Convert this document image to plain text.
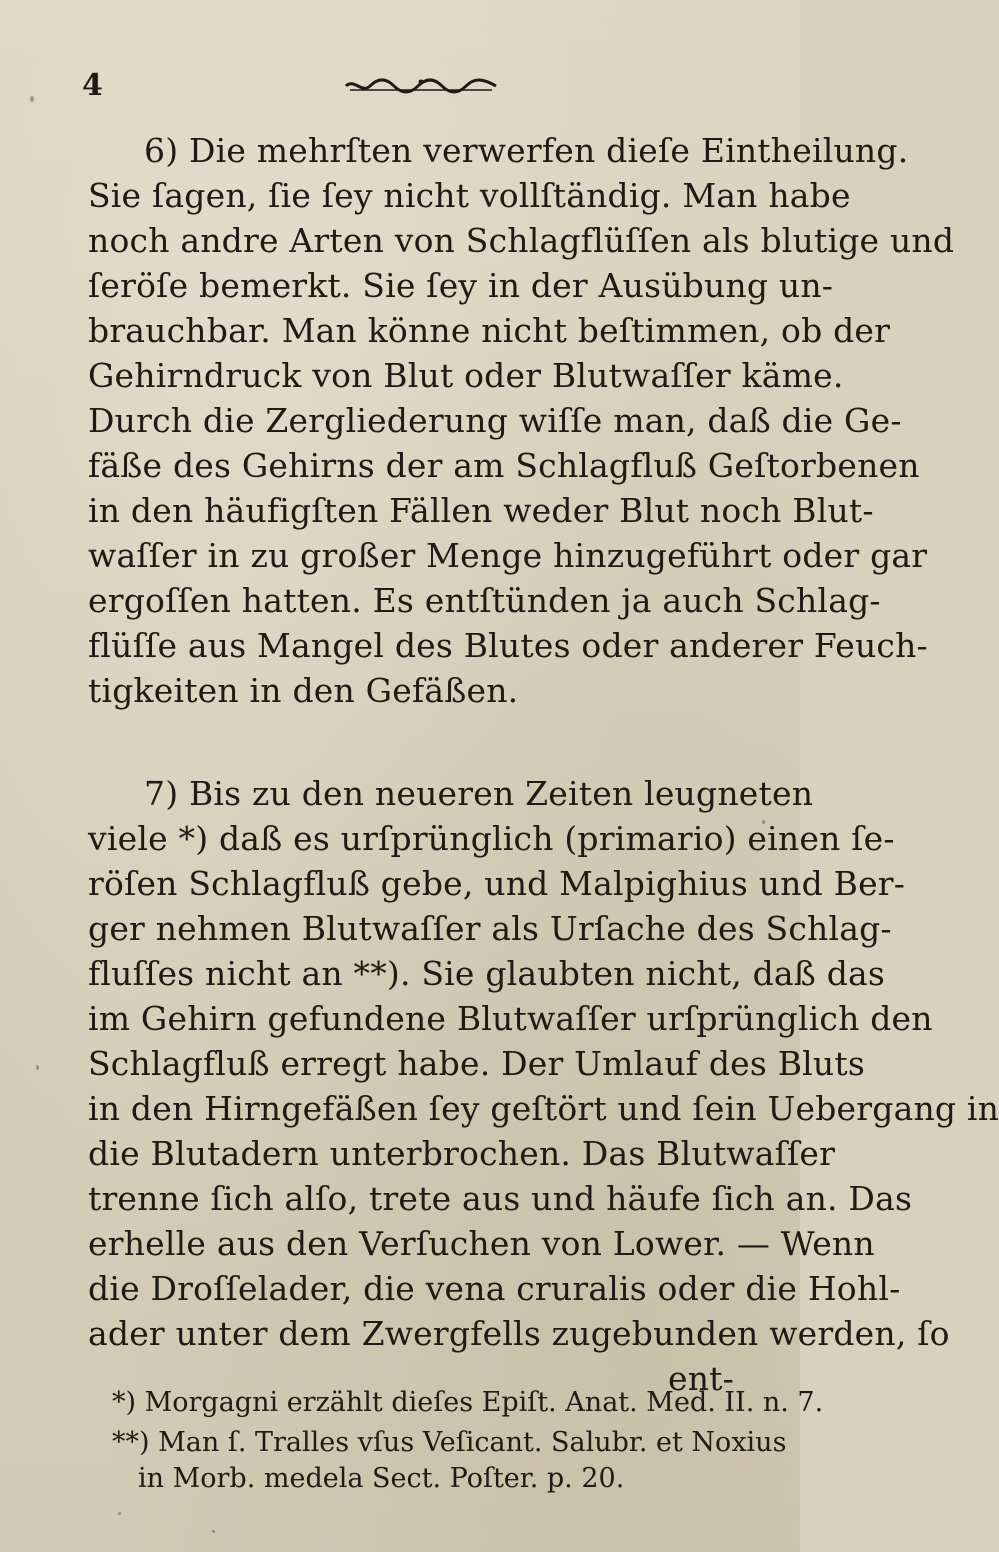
4

6) Die mehrſten verwerfen dieſe Eintheilung.
Sie ſagen, ſie ſey nicht vollſtändig. Man habe
noch andre Arten von Schlagflüſſen als blutige und
ſeröſe bemerkt. Sie ſey in der Ausübung un-
brauchbar. Man könne nicht beſtimmen, ob der
Gehirndruck von Blut oder Blutwaſſer käme.
Durch die Zergliederung wiſſe man, daß die Ge-
fäße des Gehirns der am Schlagfluß Geſtorbenen
in den häufigſten Fällen weder Blut noch Blut-
waſſer in zu großer Menge hinzugeführt oder gar
ergoſſen hatten. Es entſtünden ja auch Schlag-
flüſſe aus Mangel des Blutes oder anderer Feuch-
tigkeiten in den Gefäßen.

7) Bis zu den neueren Zeiten leugneten
viele *) daß es urſprünglich (primario) einen ſe-
röſen Schlagfluß gebe, und Malpighius und Ber-
ger nehmen Blutwaſſer als Urſache des Schlag-
fluſſes nicht an **). Sie glaubten nicht, daß das
im Gehirn gefundene Blutwaſſer urſprünglich den
Schlagfluß erregt habe. Der Umlauf des Bluts
in den Hirngefäßen ſey geſtört und ſein Uebergang in
die Blutadern unterbrochen. Das Blutwaſſer
trenne ſich alſo, trete aus und häufe ſich an. Das
erhelle aus den Verſuchen von Lower. — Wenn
die Droſſelader, die vena cruralis oder die Hohl-
ader unter dem Zwergfells zugebunden werden, ſo
ent-

*) Morgagni erzählt dieſes Epiſt. Anat. Med. II. n. 7.

**) Man ſ. Tralles vſus Veſicant. Salubr. et Noxius
in Morb. medela Sect. Poſter. p. 20.
